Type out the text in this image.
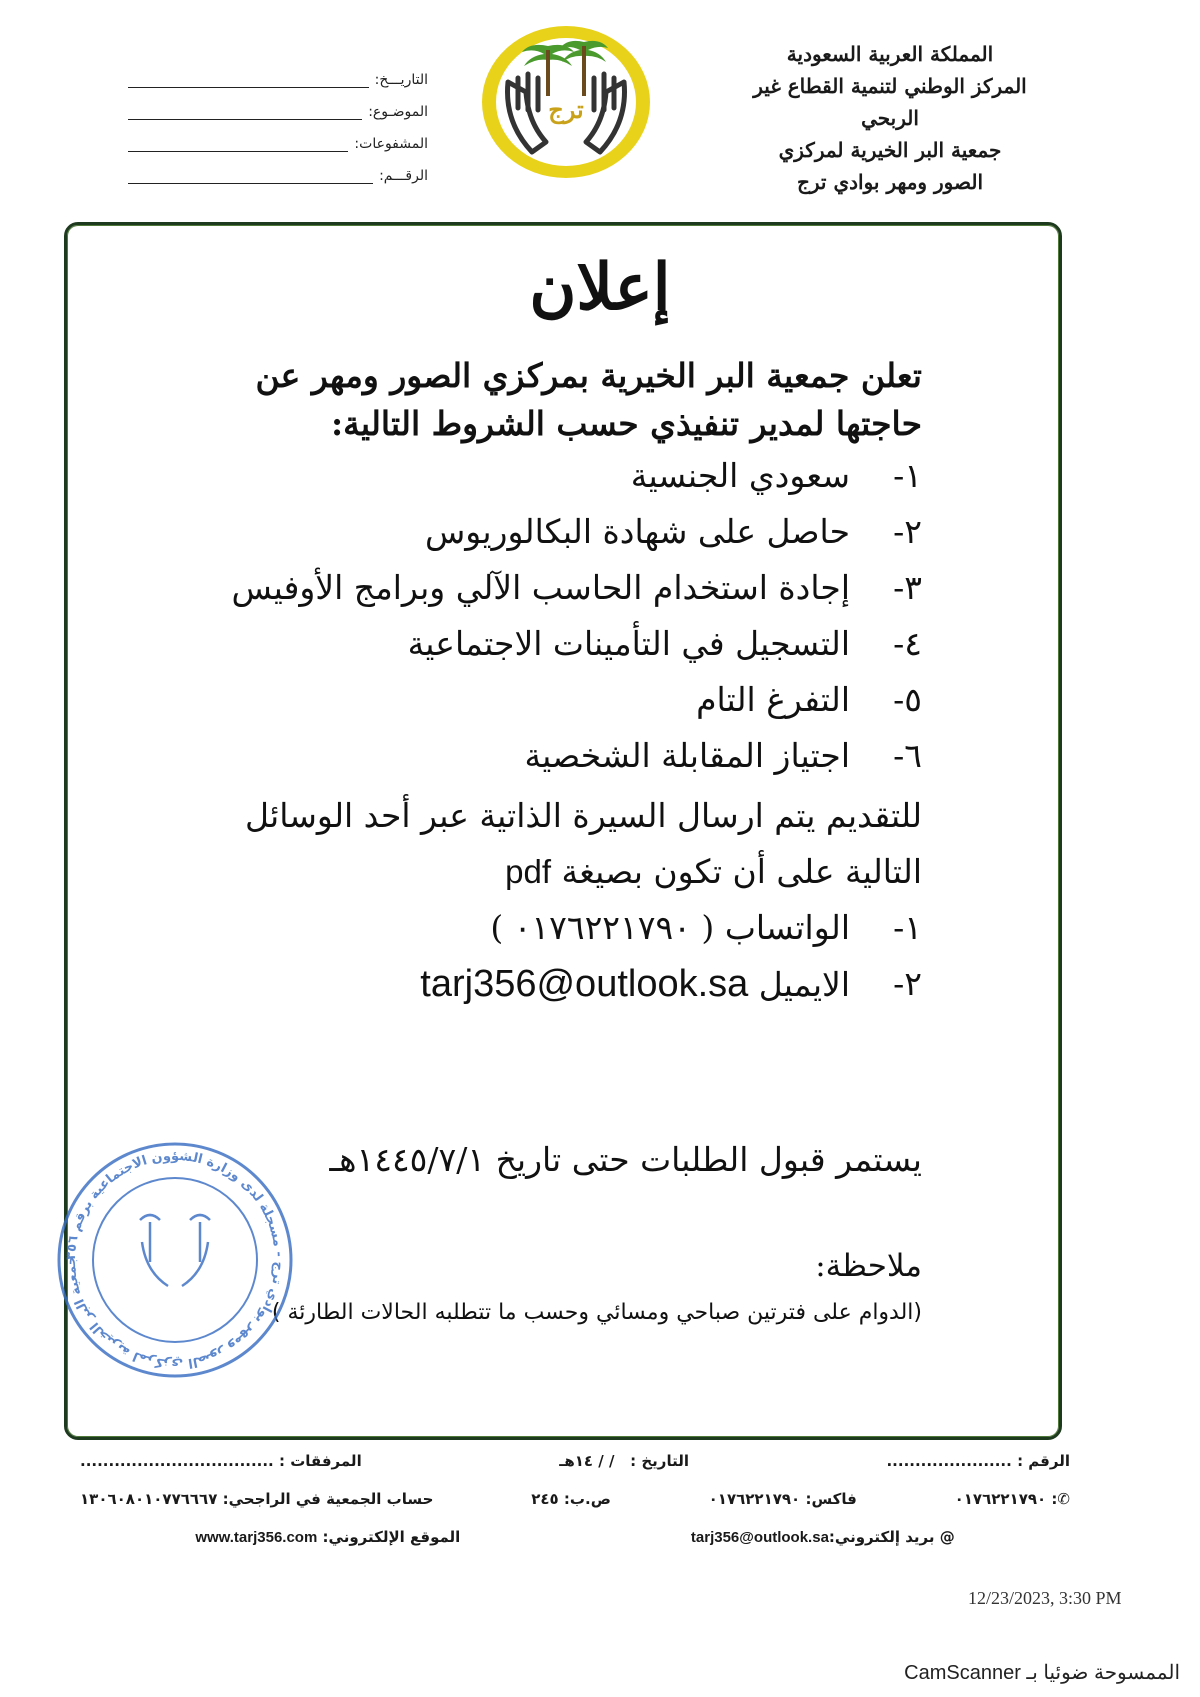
المملكة العربية السعودية
المركز الوطني لتنمية القطاع غير
الربحي
جمعية البر الخيرية لمركزي
الصور ومهر بوادي ترج
ترج
التاريـــخ:
الموضـوع:
المشفوعات:
الرقـــم:
إعلان
تعلن جمعية البر الخيرية بمركزي الصور ومهر عن حاجتها لمدير تنفيذي حسب الشروط التالية:
١-
سعودي الجنسية
٢-
حاصل على شهادة البكالوريوس
٣-
إجادة استخدام الحاسب الآلي وبرامج الأوفيس
٤-
التسجيل في التأمينات الاجتماعية
٥-
التفرغ التام
٦-
اجتياز المقابلة الشخصية
للتقديم يتم ارسال السيرة الذاتية عبر أحد الوسائل التالية على أن تكون بصيغة pdf
١-
الواتساب ( ٠١٧٦٢٢١٧٩٠ )
٢-
الايميل tarj356@outlook.sa
يستمر قبول الطلبات حتى تاريخ ١٤٤٥/٧/١هـ
ملاحظة:
(الدوام على فترتين صباحي ومسائي وحسب ما تتطلبه الحالات الطارئة )
جمعية البر الخيرية لمركزي الصور ومهر بوادي ترج - مسجلة لدى وزارة الشؤون الاجتماعية برقم ٣٥٦
الرقم : ......................
التاريخ :   / / ١٤هـ
المرفقات : ..................................
✆: ٠١٧٦٢٢١٧٩٠
فاكس: ٠١٧٦٢٢١٧٩٠
ص.ب: ٢٤٥
حساب الجمعية في الراجحي: ١٣٠٦٠٨٠١٠٧٧٦٦٦٧
@ بريد إلكتروني:tarj356@outlook.sa
الموقع الإلكتروني: www.tarj356.com
12/23/2023, 3:30 PM
الممسوحة ضوئيا بـ CamScanner
